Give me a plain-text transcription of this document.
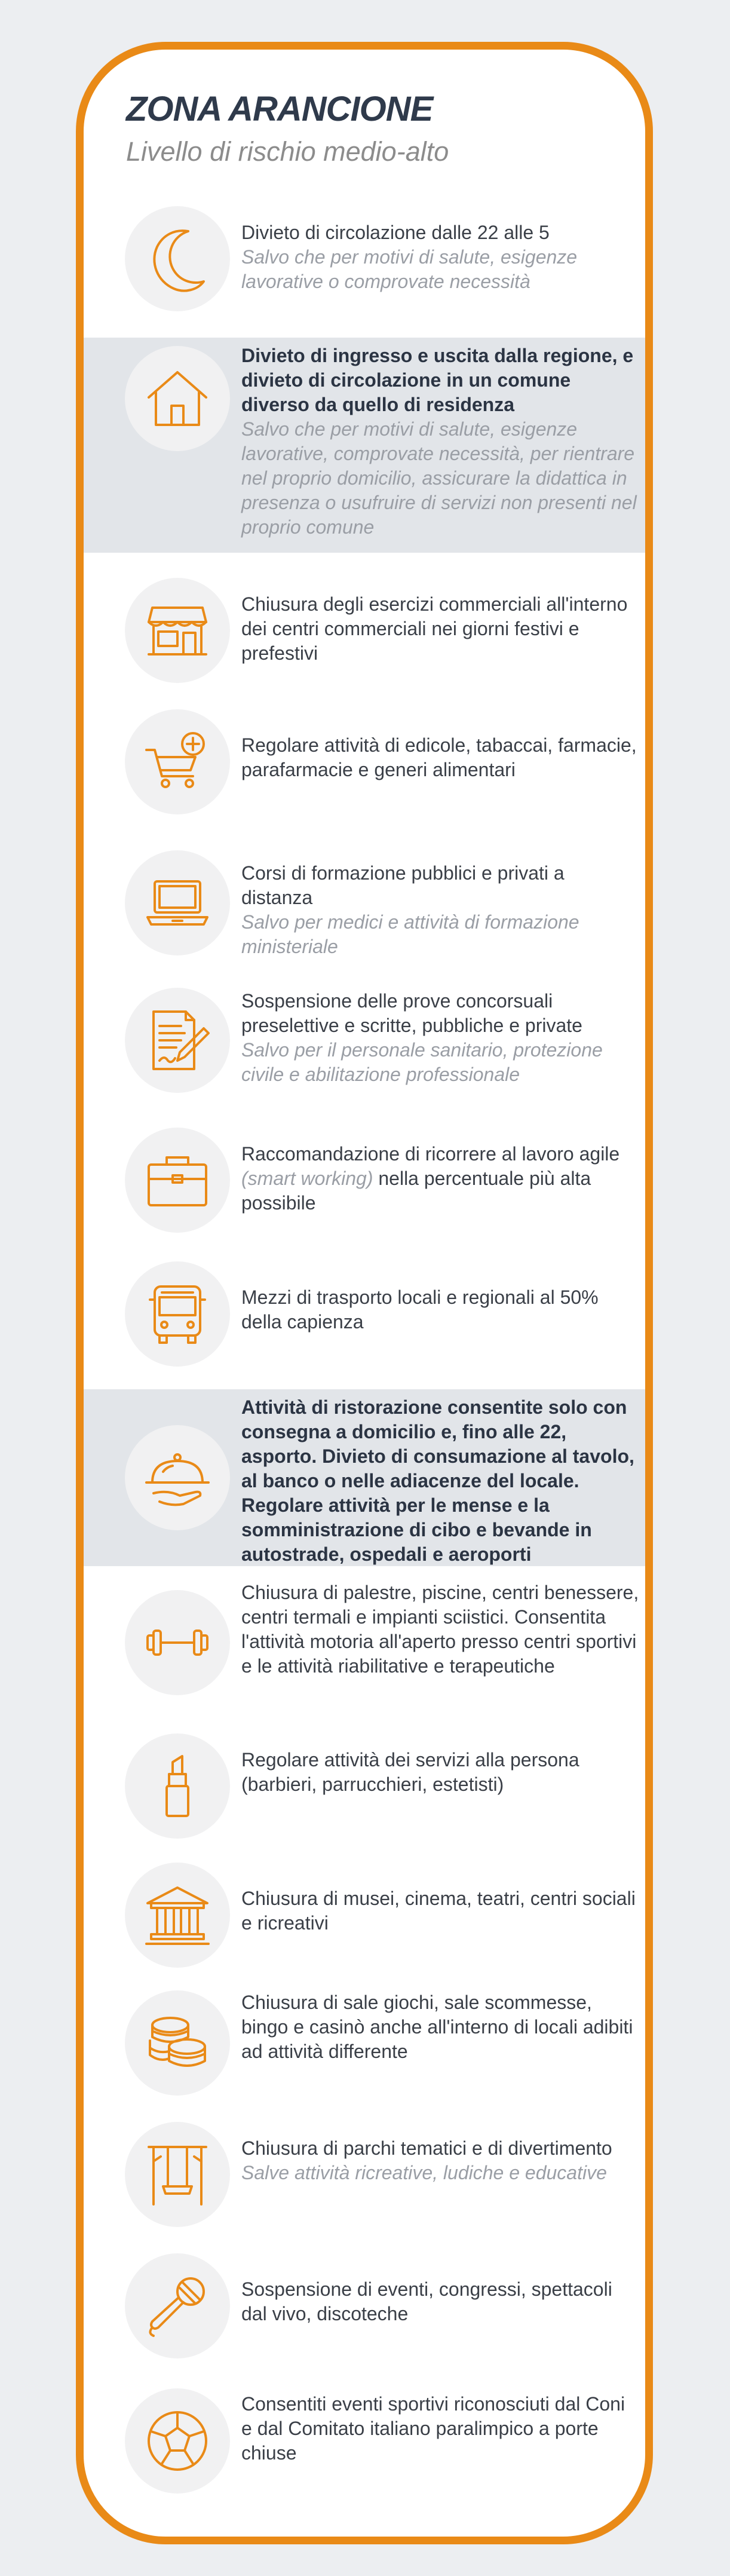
ZONA ARANCIONE

Livello di rischio medio-alto

Divieto di circolazione dalle 22 alle 5
Salvo che per motivi di salute, esigenze lavorative o comprovate necessità
Divieto di ingresso e uscita dalla regione, e divieto di circolazione in un comune diverso da quello di residenza
Salvo che per motivi di salute, esigenze lavorative, comprovate necessità, per rientrare nel proprio domicilio, assicurare la didattica in presenza o usufruire di servizi non presenti nel proprio comune
Chiusura degli esercizi commerciali all'interno dei centri commerciali nei giorni festivi e prefestivi
Regolare attività di edicole, tabaccai, farmacie, parafarmacie e generi alimentari
Corsi di formazione pubblici e privati a distanza
Salvo per medici e attività di formazione ministeriale
Sospensione delle prove concorsuali preselettive e scritte, pubbliche e private
Salvo per il personale sanitario, protezione civile e abilitazione professionale
Raccomandazione di ricorrere al lavoro agile (smart working) nella percentuale più alta possibile
Mezzi di trasporto locali e regionali al 50% della capienza
Attività di ristorazione consentite solo con consegna a domicilio e, fino alle 22, asporto. Divieto di consumazione al tavolo, al banco o nelle adiacenze del locale. Regolare attività per le mense e la somministrazione di cibo e bevande in autostrade, ospedali e aeroporti
Chiusura di palestre, piscine, centri benessere, centri termali e impianti sciistici. Consentita l'attività motoria all'aperto presso centri sportivi e le attività riabilitative e terapeutiche
Regolare attività dei servizi alla persona (barbieri, parrucchieri, estetisti)
Chiusura di musei, cinema, teatri, centri sociali e ricreativi
Chiusura di sale giochi, sale scommesse, bingo e casinò anche all'interno di locali adibiti ad attività differente
Chiusura di parchi tematici e di divertimento
Salve attività ricreative, ludiche e educative
Sospensione di eventi, congressi, spettacoli dal vivo, discoteche
Consentiti eventi sportivi riconosciuti dal Coni e dal Comitato italiano paralimpico a porte chiuse
